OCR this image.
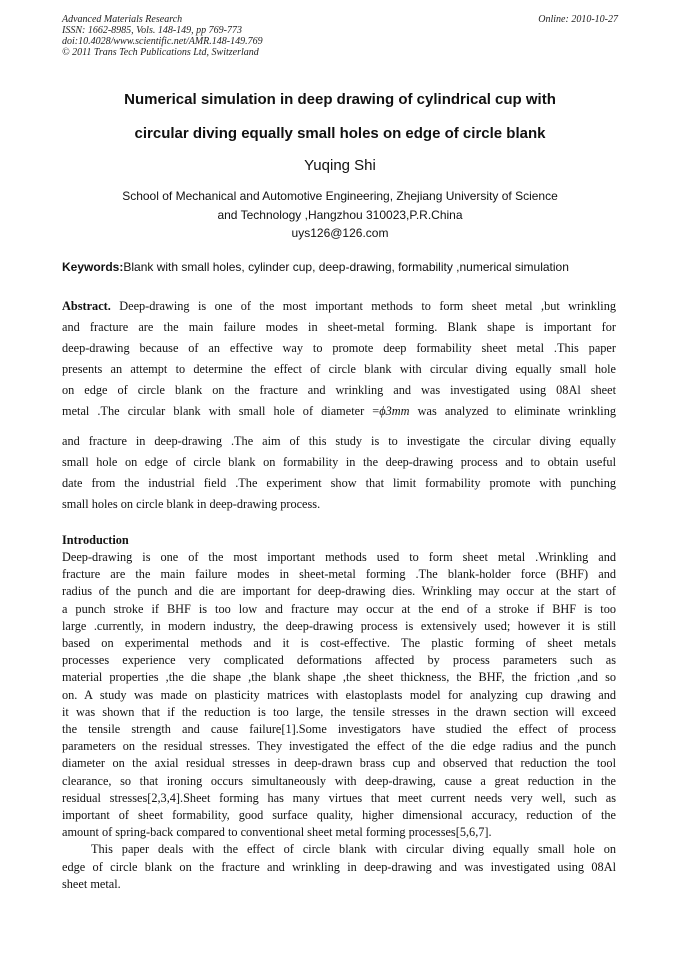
Advanced Materials Research	Online: 2010-10-27
ISSN: 1662-8985, Vols. 148-149, pp 769-773
doi:10.4028/www.scientific.net/AMR.148-149.769
© 2011 Trans Tech Publications Ltd, Switzerland
Numerical simulation in deep drawing of cylindrical cup with
circular diving equally small holes on edge of circle blank
Yuqing Shi
School of Mechanical and Automotive Engineering, Zhejiang University of Science
and Technology ,Hangzhou 310023,P.R.China
uys126@126.com
Keywords:Blank with small holes, cylinder cup, deep-drawing, formability ,numerical simulation
Abstract. Deep-drawing is one of the most important methods to form sheet metal ,but wrinkling
and fracture are the main failure modes in sheet-metal forming. Blank shape is important for
deep-drawing because of an effective way to promote deep formability sheet metal .This paper
presents an attempt to determine the effect of circle blank with circular diving equally small hole
on edge of circle blank on the fracture and wrinkling and was investigated using 08Al sheet
metal .The circular blank with small hole of diameter =ϕ3mm was analyzed to eliminate wrinkling
and fracture in deep-drawing .The aim of this study is to investigate the circular diving equally
small hole on edge of circle blank on formability in the deep-drawing process and to obtain useful
date from the industrial field .The experiment show that limit formability promote with punching
small holes on circle blank in deep-drawing process.
Introduction
Deep-drawing is one of the most important methods used to form sheet metal .Wrinkling and
fracture are the main failure modes in sheet-metal forming .The blank-holder force (BHF) and
radius of the punch and die are important for deep-drawing dies. Wrinkling may occur at the start of
a punch stroke if BHF is too low and fracture may occur at the end of a stroke if BHF is too
large .currently, in modern industry, the deep-drawing process is extensively used; however it is still
based on experimental methods and it is cost-effective. The plastic forming of sheet metals
processes experience very complicated deformations affected by process parameters such as
material properties ,the die shape ,the blank shape ,the sheet thickness, the BHF, the friction ,and so
on. A study was made on plasticity matrices with elastoplasts model for analyzing cup drawing and
it was shown that if the reduction is too large, the tensile stresses in the drawn section will exceed
the tensile strength and cause failure[1].Some investigators have studied the effect of process
parameters on the residual stresses. They investigated the effect of the die edge radius and the punch
diameter on the axial residual stresses in deep-drawn brass cup and observed that reduction the tool
clearance, so that ironing occurs simultaneously with deep-drawing, cause a great reduction in the
residual stresses[2,3,4].Sheet forming has many virtues that meet current needs very well, such as
important of sheet formability, good surface quality, higher dimensional accuracy, reduction of the
amount of spring-back compared to conventional sheet metal forming processes[5,6,7].
This paper deals with the effect of circle blank with circular diving equally small hole on
edge of circle blank on the fracture and wrinkling in deep-drawing and was investigated using 08Al
sheet metal.
